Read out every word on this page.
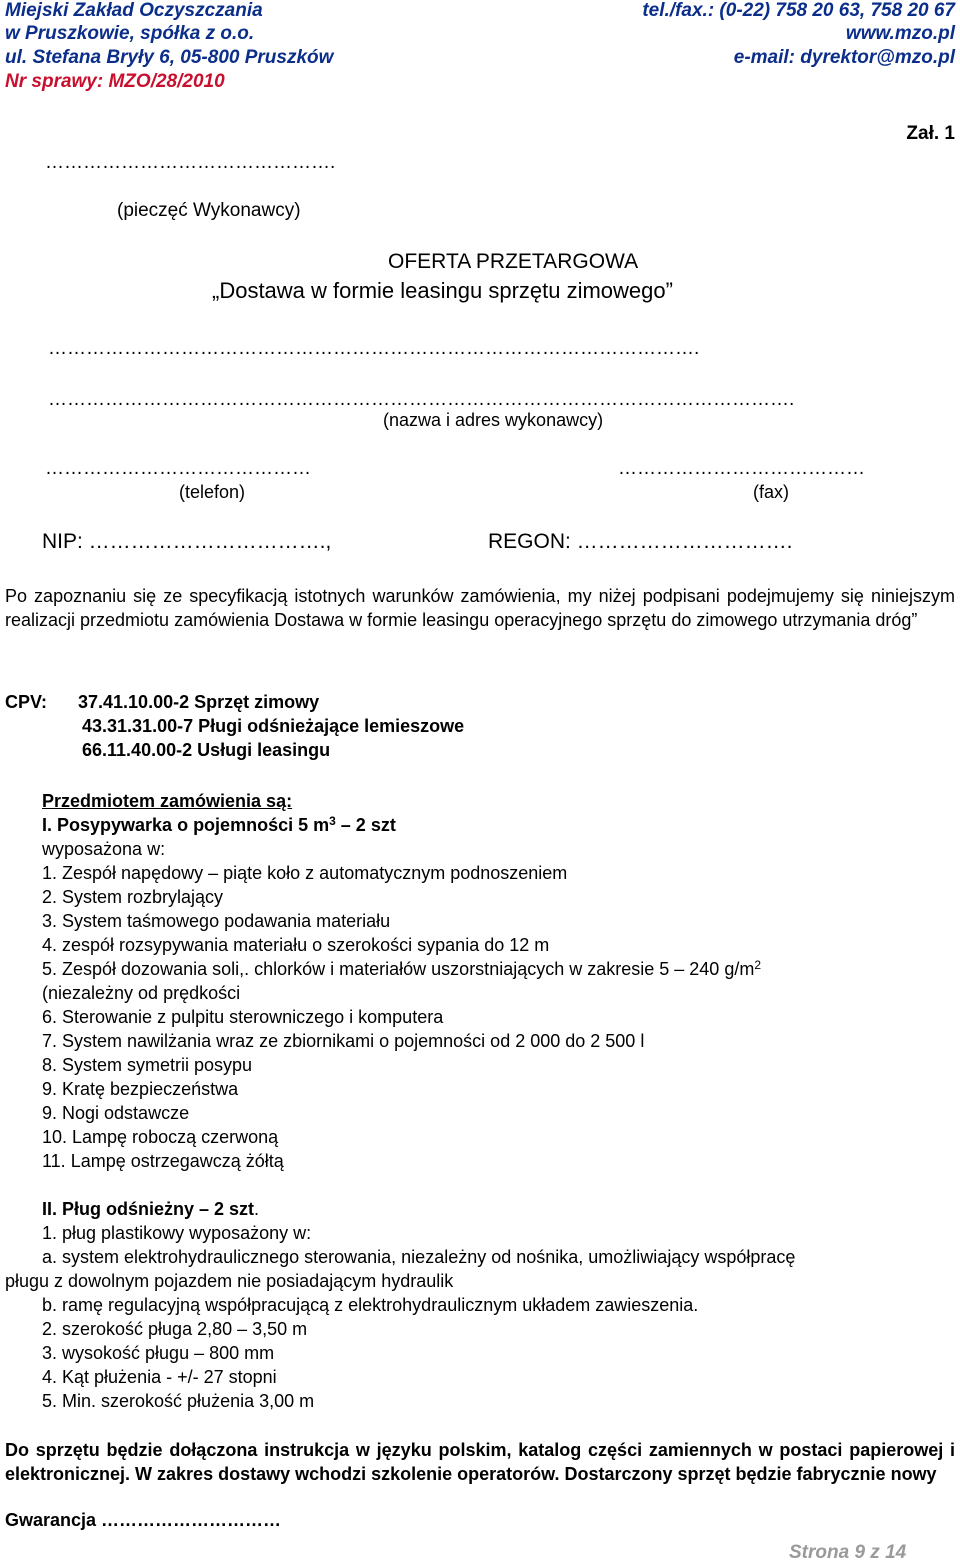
Miejski Zakład Oczyszczania
w Pruszkowie, spółka z o.o.
ul. Stefana Bryły 6, 05-800 Pruszków
Nr sprawy: MZO/28/2010
tel./fax.: (0-22) 758 20 63, 758 20 67
www.mzo.pl
e-mail: dyrektor@mzo.pl
Zał. 1
……………………………………….
(pieczęć Wykonawcy)
OFERTA PRZETARGOWA
„Dostawa w formie leasingu sprzętu zimowego”
………………………………………………………………………………………….
……………………………………………………………………………………………………….
(nazwa i adres wykonawcy)
……………………………………
(telefon)
…………………………………
(fax)
NIP: …………………………….,	REGON: ………………………….
Po zapoznaniu się ze specyfikacją istotnych warunków zamówienia, my niżej podpisani podejmujemy się niniejszym realizacji przedmiotu zamówienia Dostawa w formie leasingu operacyjnego sprzętu do zimowego utrzymania dróg”
CPV: 37.41.10.00-2 Sprzęt zimowy
43.31.31.00-7 Pługi odśnieżające lemieszowe
66.11.40.00-2 Usługi leasingu
Przedmiotem zamówienia są:
I. Posypywarka o pojemności 5 $m^3 - 2$ szt
wyposażona w:
1. Zespół napędowy – piąte koło z automatycznym podnoszeniem
2. System rozbrylający
3. System taśmowego podawania materiału
4. zespół rozsypywania materiału o szerokości sypania do 12 m
5. Zespół dozowania soli,. chlorków i materiałów uszorstniających w zakresie 5 – 240 $g/m^2$
(niezależny od prędkości
6. Sterowanie z pulpitu sterowniczego i komputera
7. System nawilżania wraz ze zbiornikami o pojemności od 2 000 do 2 500 l
8. System symetrii posypu
9. Kratę bezpieczeństwa
9. Nogi odstawcze
10. Lampę roboczą czerwoną
11. Lampę ostrzegawczą żółtą
II. Pług odśnieżny – 2 szt.
1. pług plastikowy wyposażony w:
a. system elektrohydraulicznego sterowania, niezależny od nośnika, umożliwiający współpracę
pługu z dowolnym pojazdem nie posiadającym hydraulik
b. ramę regulacyjną współpracującą z elektrohydraulicznym układem zawieszenia.
2. szerokość pługa 2,80 – 3,50 m
3. wysokość pługu – 800 mm
4. Kąt płużenia - +/- 27 stopni
5. Min. szerokość płużenia 3,00 m
Do sprzętu będzie dołączona instrukcja w języku polskim, katalog części zamiennych w postaci papierowej i elektronicznej. W zakres dostawy wchodzi szkolenie operatorów. Dostarczony sprzęt będzie fabrycznie nowy
Gwarancja …………………………
Strona 9 z 14
